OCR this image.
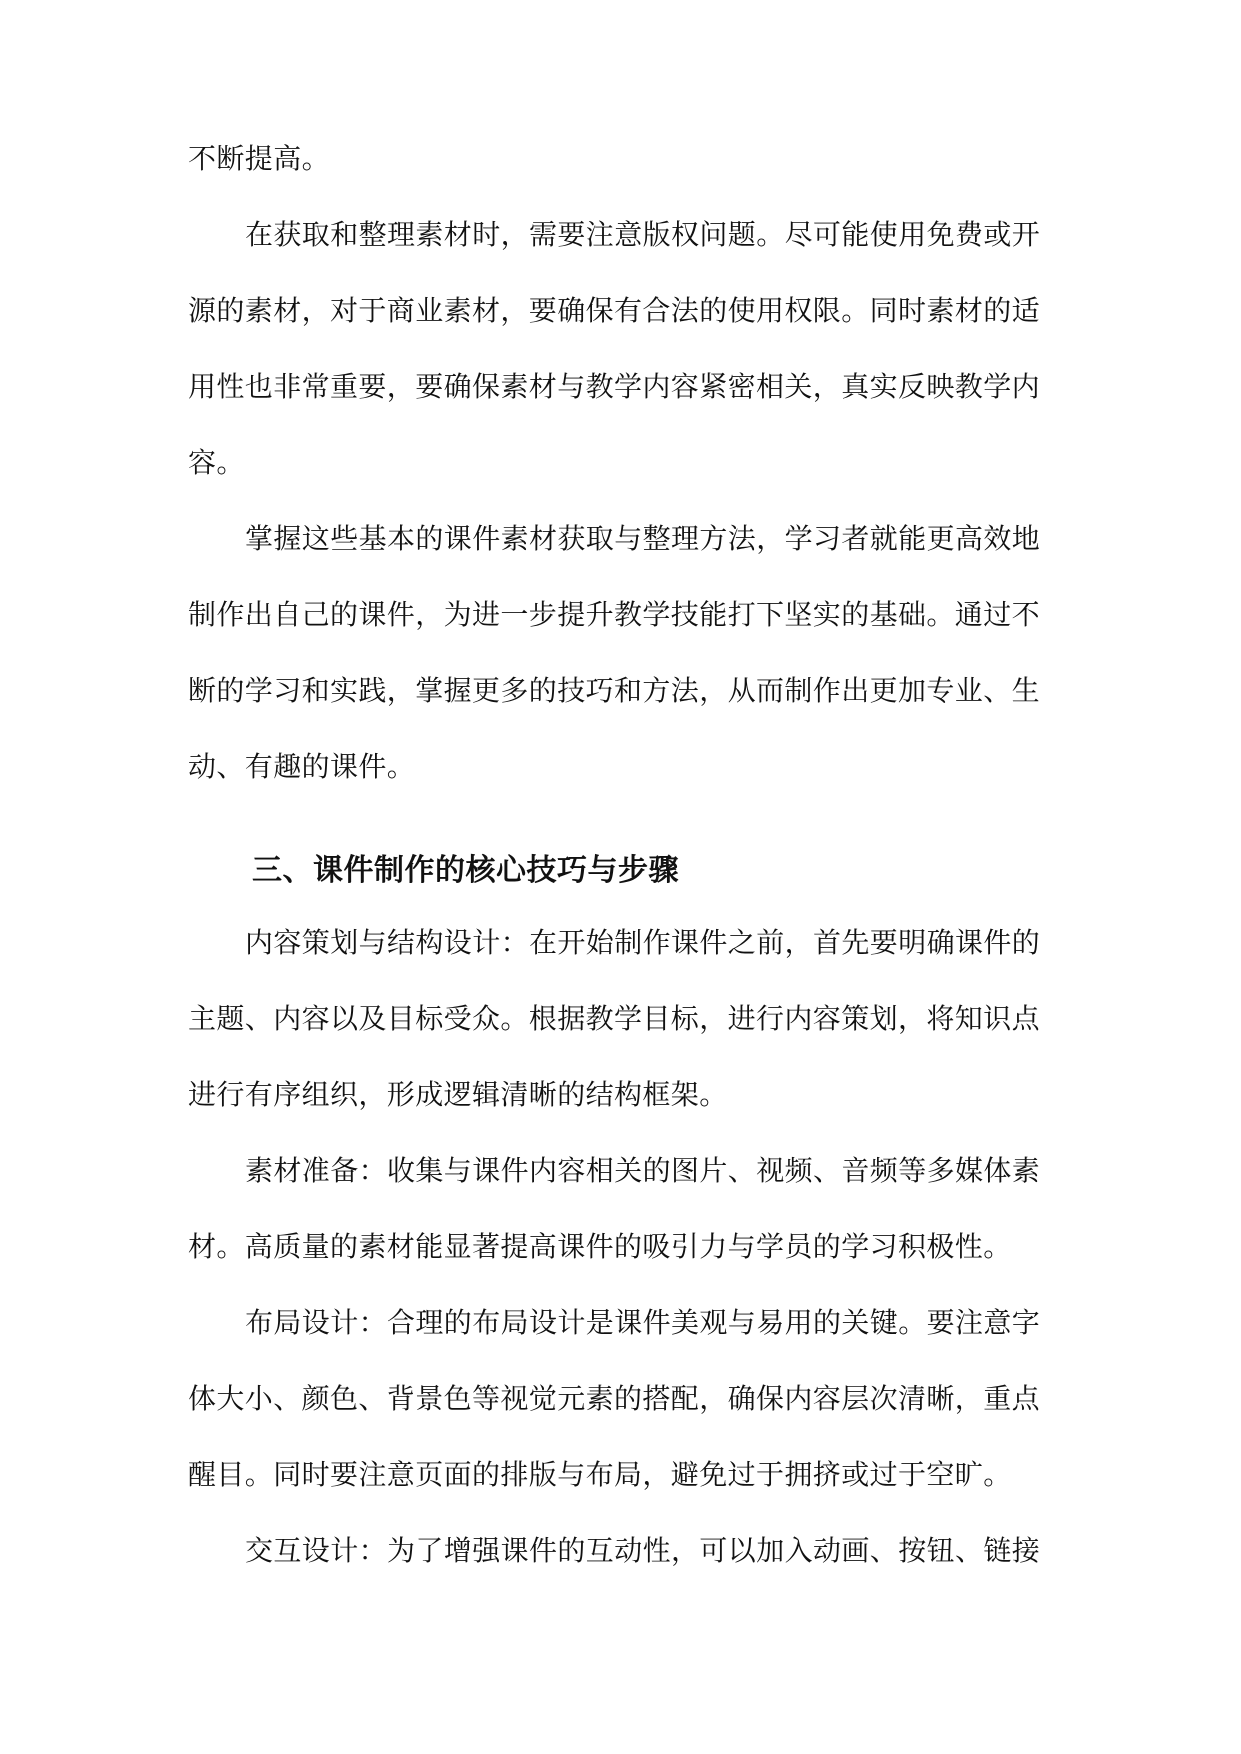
不断提高。
在获取和整理素材时，需要注意版权问题。尽可能使用免费或开
源的素材，对于商业素材，要确保有合法的使用权限。同时素材的适
用性也非常重要，要确保素材与教学内容紧密相关，真实反映教学内
容。
掌握这些基本的课件素材获取与整理方法，学习者就能更高效地
制作出自己的课件，为进一步提升教学技能打下坚实的基础。通过不
断的学习和实践，掌握更多的技巧和方法，从而制作出更加专业、生
动、有趣的课件。
三、课件制作的核心技巧与步骤
内容策划与结构设计：在开始制作课件之前，首先要明确课件的
主题、内容以及目标受众。根据教学目标，进行内容策划，将知识点
进行有序组织，形成逻辑清晰的结构框架。
素材准备：收集与课件内容相关的图片、视频、音频等多媒体素
材。高质量的素材能显著提高课件的吸引力与学员的学习积极性。
布局设计：合理的布局设计是课件美观与易用的关键。要注意字
体大小、颜色、背景色等视觉元素的搭配，确保内容层次清晰，重点
醒目。同时要注意页面的排版与布局，避免过于拥挤或过于空旷。
交互设计：为了增强课件的互动性，可以加入动画、按钮、链接
